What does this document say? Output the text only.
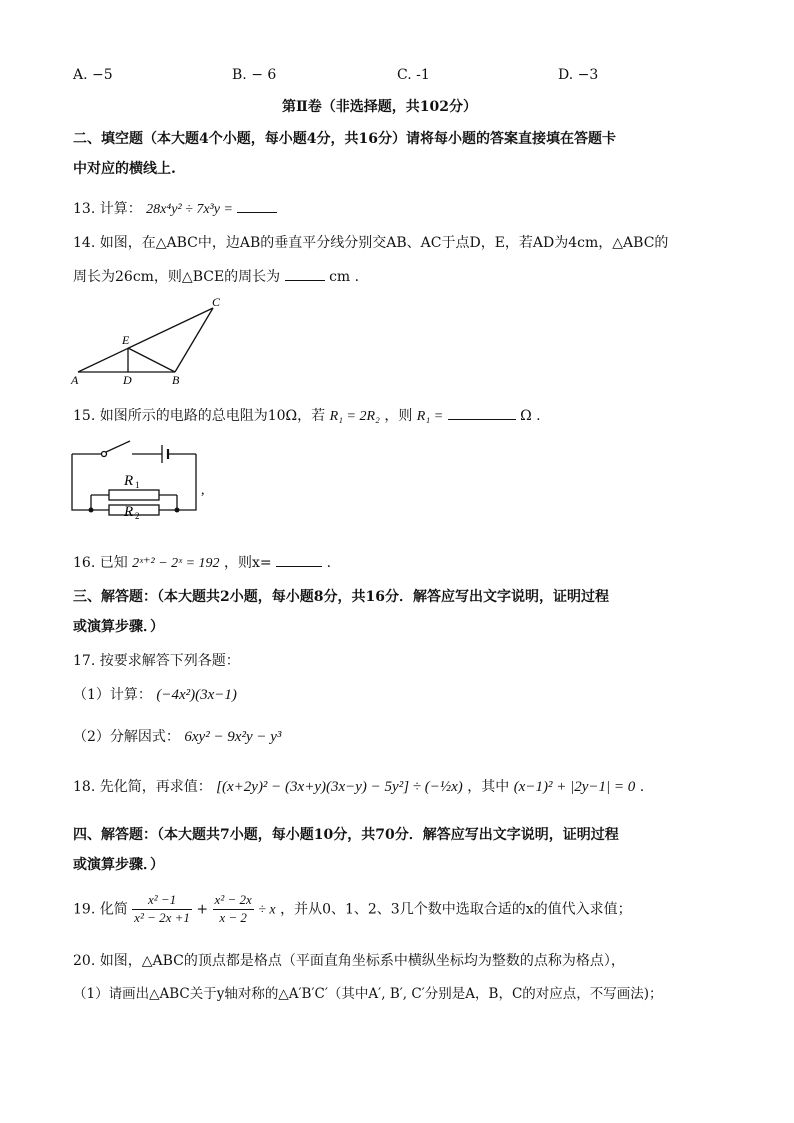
A. −5	B. − 6	C. -1	D. −3
第Ⅱ卷（非选择题，共102分）
二、填空题（本大题4个小题，每小题4分，共16分）请将每小题的答案直接填在答题卡
中对应的横线上.
13. 计算： 28x⁴y² ÷ 7x³y =
14. 如图，在△ABC中，边AB的垂直平分线分别交AB、AC于点D，E，若AD为4cm，△ABC的
周长为26cm，则△BCE的周长为	cm .
A	D	B
C
E
15. 如图所示的电路的总电阻为10Ω，若 R₁ = 2R₂ ，则 R₁ =	Ω .
R 1
R 2
,
16. 已知 2ˣ⁺² − 2ˣ = 192 ，则x=	.
三、解答题：（本大题共2小题，每小题8分，共16分．解答应写出文字说明，证明过程
或演算步骤．）
17. 按要求解答下列各题：
（1）计算： (−4x²)(3x−1)
（2）分解因式： 6xy² − 9x²y − y³
18. 先化简，再求值： [(x+2y)² − (3x+y)(3x−y) − 5y²] ÷ (−½x) ，其中 (x−1)² + |2y−1| = 0 .
四、解答题：（本大题共7小题，每小题10分，共70分．解答应写出文字说明，证明过程
或演算步骤．）
19. 化简 $\frac{\text{x² −1}}{\text{x² − 2x +1}} + \frac{\text{x² − 2x}}{x - 2} \div x$ ，并从0、1、2、3几个数中选取合适的x的值代入求值；
20. 如图，△ABC的顶点都是格点（平面直角坐标系中横纵坐标均为整数的点称为格点），
（1）请画出△ABC关于y轴对称的△A′B′C′（其中A′, B′, C′分别是A，B，C的对应点，不写画法)；
